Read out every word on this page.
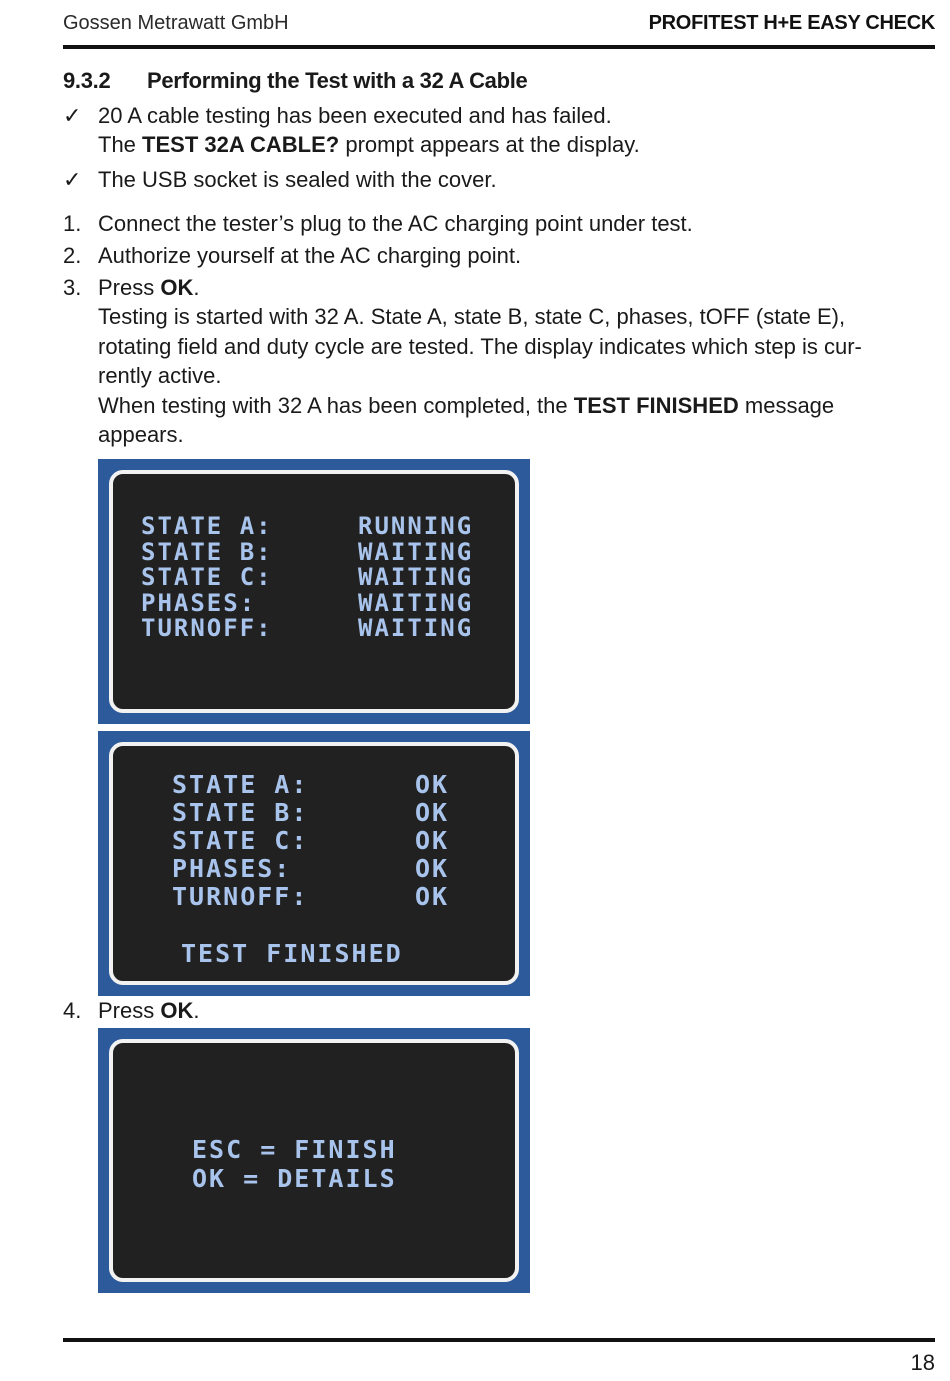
Gossen Metrawatt GmbH	PROFITEST H+E EASY CHECK
9.3.2 Performing the Test with a 32 A Cable
✓ 20 A cable testing has been executed and has failed.
The TEST 32A CABLE? prompt appears at the display.
✓ The USB socket is sealed with the cover.
1. Connect the tester’s plug to the AC charging point under test.
2. Authorize yourself at the AC charging point.
3. Press OK.
Testing is started with 32 A. State A, state B, state C, phases, tOFF (state E),
rotating field and duty cycle are tested. The display indicates which step is cur-
rently active.
When testing with 32 A has been completed, the TEST FINISHED message
appears.
STATE A:
STATE B:
STATE C:
PHASES:
TURNOFF:
RUNNING
WAITING
WAITING
WAITING
WAITING
STATE A:
STATE B:
STATE C:
PHASES:
TURNOFF:
OK
OK
OK
OK
OK
TEST FINISHED
4. Press OK.
ESC = FINISH
OK = DETAILS
18
